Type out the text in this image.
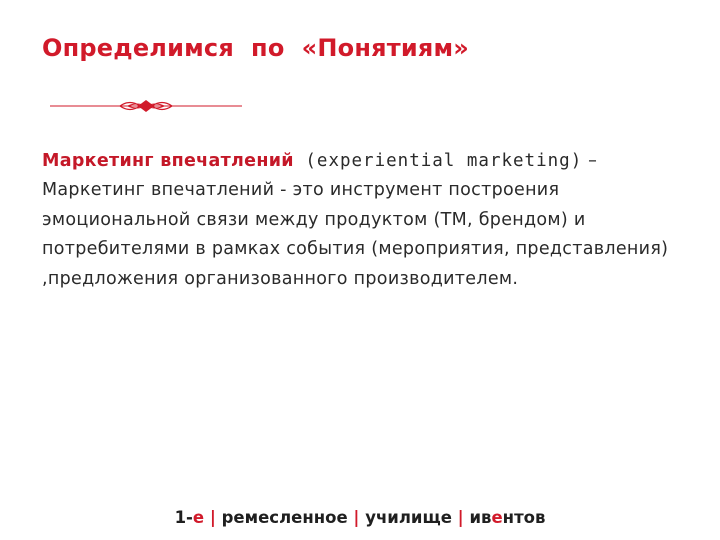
Определимся  по  «Понятиям»

Маркетинг впечатлений (experiential marketing) – Маркетинг впечатлений - это инструмент построения эмоциональной связи между продуктом (ТМ, брендом) и потребителями в рамках события (мероприятия, представления) ,предложения организованного производителем.

1-е | ремесленное | училище | ивентов
